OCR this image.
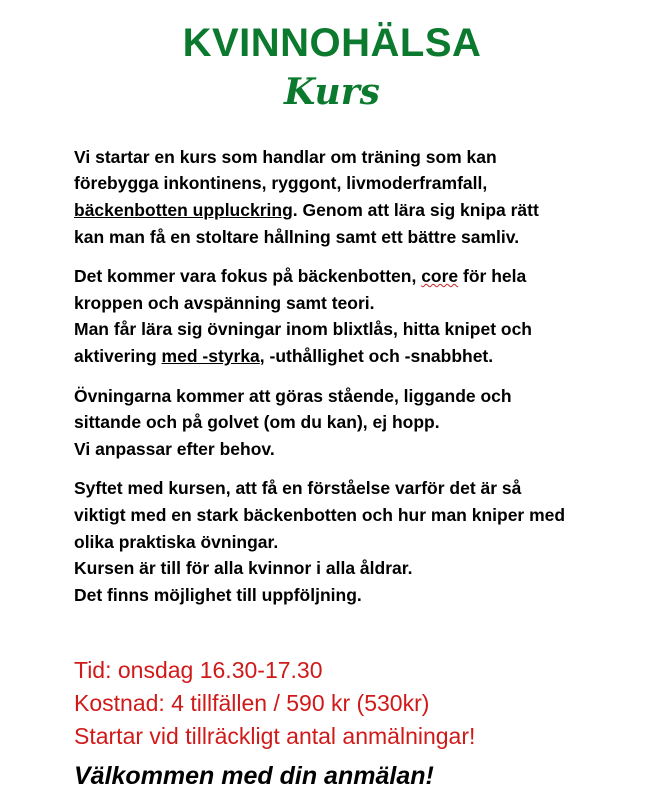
KVINNOHÄLSA
Kurs
Vi startar en kurs som handlar om träning som kan
förebygga inkontinens, ryggont, livmoderframfall,
bäckenbotten uppluckring. Genom att lära sig knipa rätt
kan man få en stoltare hållning samt ett bättre samliv.
Det kommer vara fokus på bäckenbotten, core för hela
kroppen och avspänning samt teori.
Man får lära sig övningar inom blixtlås, hitta knipet och
aktivering med -styrka, -uthållighet och -snabbhet.
Övningarna kommer att göras stående, liggande och
sittande och på golvet (om du kan), ej hopp.
Vi anpassar efter behov.
Syftet med kursen, att få en förståelse varför det är så
viktigt med en stark bäckenbotten och hur man kniper med
olika praktiska övningar.
Kursen är till för alla kvinnor i alla åldrar.
Det finns möjlighet till uppföljning.
Tid: onsdag 16.30-17.30
Kostnad: 4 tillfällen / 590 kr (530kr)
Startar vid tillräckligt antal anmälningar!
Välkommen med din anmälan!
